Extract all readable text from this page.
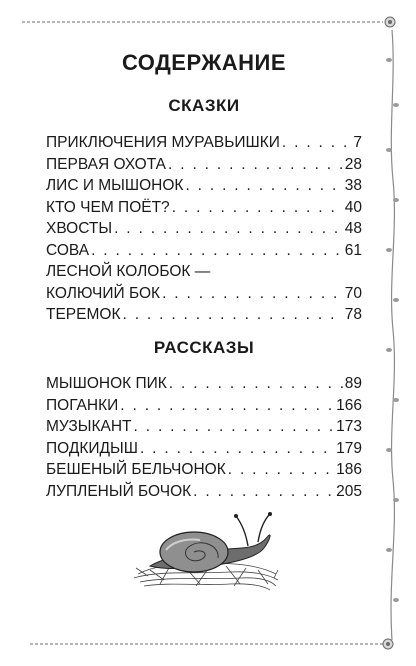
СОДЕРЖАНИЕ
СКАЗКИ
ПРИКЛЮЧЕНИЯ МУРАВЬИШКИ . . .	7
ПЕРВАЯ ОХОТА . . .	28
ЛИС И МЫШОНОК . . .	38
КТО ЧЕМ ПОЁТ? . . .	40
ХВОСТЫ . . .	48
СОВА . . .	61
ЛЕСНОЙ КОЛОБОК —
КОЛЮЧИЙ БОК . . .	70
ТЕРЕМОК . . .	78
РАССКАЗЫ
МЫШОНОК ПИК . . .	89
ПОГАНКИ . . .	166
МУЗЫКАНТ . . .	173
ПОДКИДЫШ . . .	179
БЕШЕНЫЙ БЕЛЬЧОНОК . . .	186
ЛУПЛЕНЫЙ БОЧОК . . .	205
